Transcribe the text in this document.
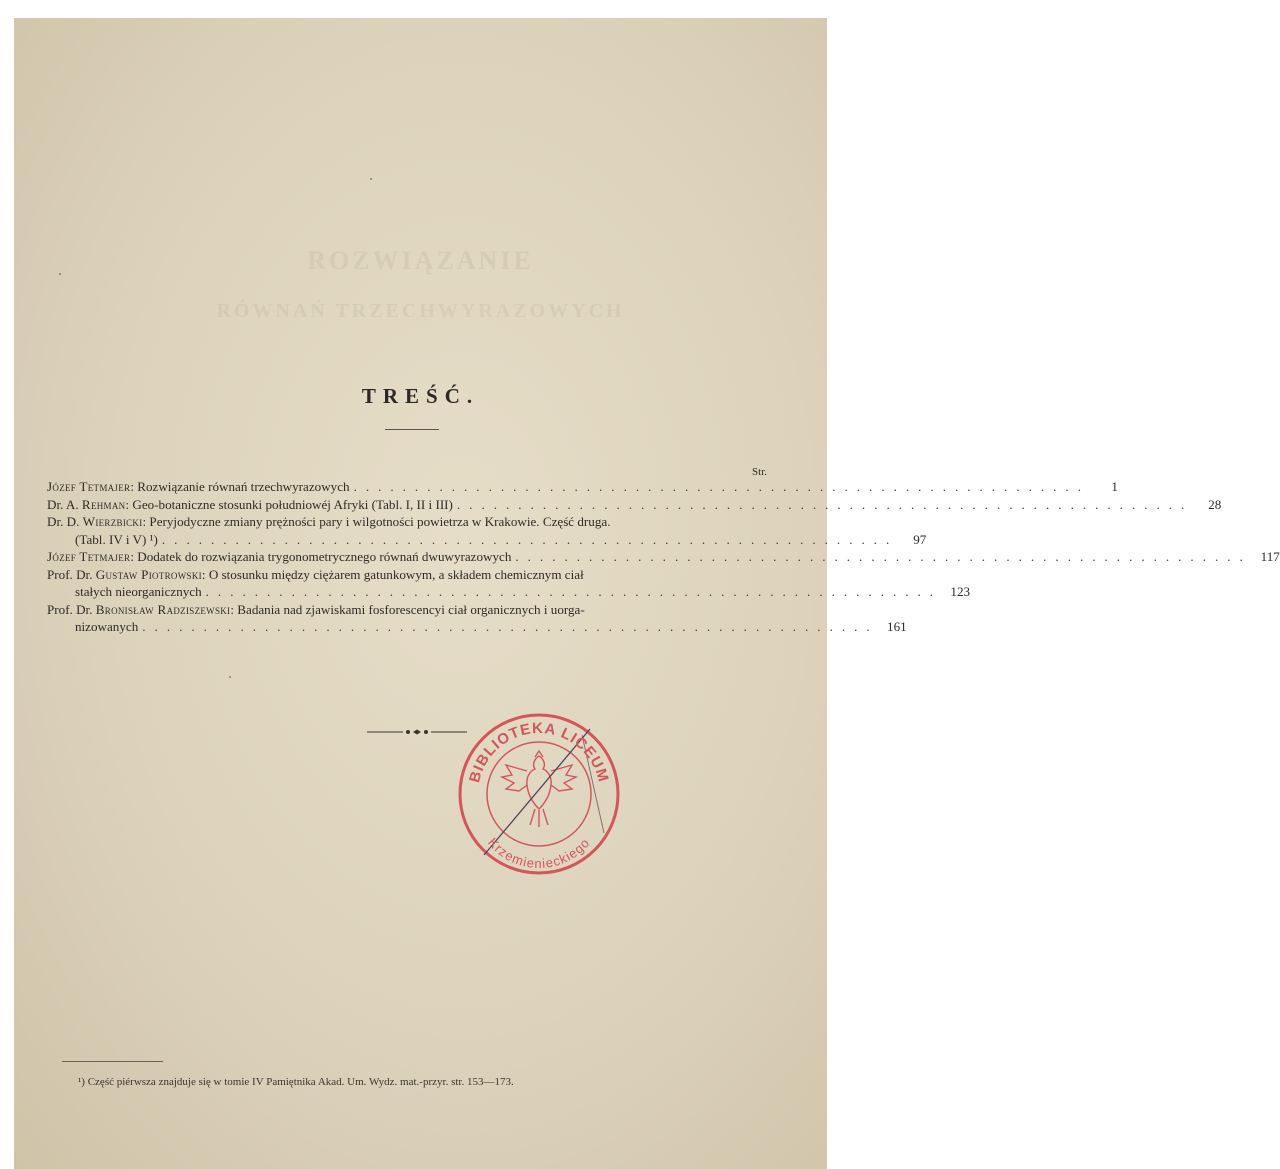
ROZWIĄZANIE
RÓWNAŃ TRZECHWYRAZOWYCH
TREŚĆ.
Str.
Józef Tetmajer: Rozwiązanie równań trzechwyrazowych ............................................................	1
Dr. A. Rehman: Geo-botaniczne stosunki południowéj Afryki (Tabl. I, II i III) ............................................................	28
Dr. D. Wierzbicki: Peryjodyczne zmiany prężności pary i wilgotności powietrza w Krakowie. Część druga.
(Tabl. IV i V) ¹) ............................................................	97
Józef Tetmajer: Dodatek do rozwiązania trygonometrycznego równań dwuwyrazowych ............................................................ 117
Prof. Dr. Gustaw Piotrowski: O stosunku między ciężarem gatunkowym, a składem chemicznym ciał
stałych nieorganicznych ............................................................ 123
Prof. Dr. Bronisław Radziszewski: Badania nad zjawiskami fosforescencyi ciał organicznych i uorga-
nizowanych ............................................................ 161
BIBLIOTEKA LICEUM
Krzemienieckiego
¹) Część piérwsza znajduje się w tomie IV Pamiętnika Akad. Um. Wydz. mat.-przyr. str. 153—173.
